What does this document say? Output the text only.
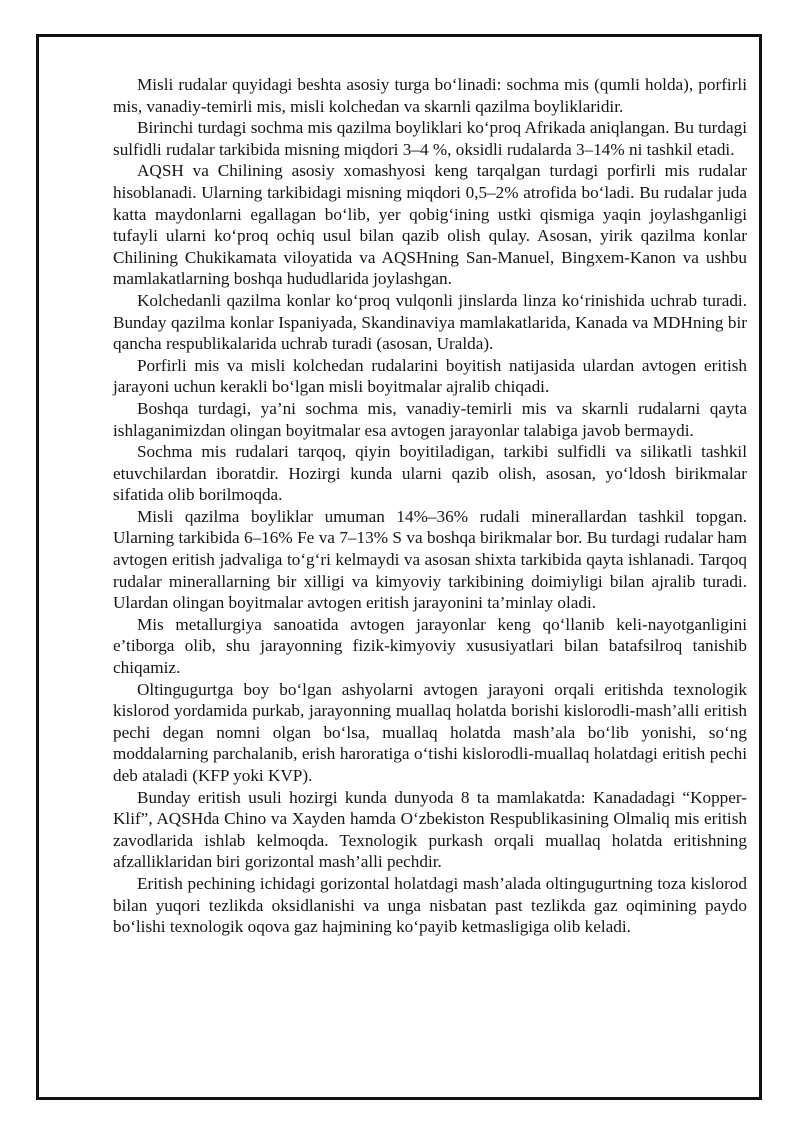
Misli rudalar quyidagi beshta asosiy turga bo‘linadi: sochma mis (qumli holda), porfirli mis, vanadiy-temirli mis, misli kolchedan va skarnli qazilma boyliklaridir.

Birinchi turdagi sochma mis qazilma boyliklari ko‘proq Afrikada aniqlangan. Bu turdagi sulfidli rudalar tarkibida misning miqdori 3–4 %, oksidli rudalarda 3–14% ni tashkil etadi.

AQSH va Chilining asosiy xomashyosi keng tarqalgan turdagi porfirli mis rudalar hisoblanadi. Ularning tarkibidagi misning miqdori 0,5–2% atrofida bo‘ladi. Bu rudalar juda katta maydonlarni egallagan bo‘lib, yer qobig‘ining ustki qismiga yaqin joylashganligi tufayli ularni ko‘proq ochiq usul bilan qazib olish qulay. Asosan, yirik qazilma konlar Chilining Chukikamata viloyatida va AQSHning San-Manuel, Bingxem-Kanon va ushbu mamlakatlarning boshqa hududlarida joylashgan.

Kolchedanli qazilma konlar ko‘proq vulqonli jinslarda linza ko‘rinishida uchrab turadi. Bunday qazilma konlar Ispaniyada, Skandinaviya mamlakatlarida, Kanada va MDHning bir qancha respublikalarida uchrab turadi (asosan, Uralda).

Porfirli mis va misli kolchedan rudalarini boyitish natijasida ulardan avtogen eritish jarayoni uchun kerakli bo‘lgan misli boyitmalar ajralib chiqadi.

Boshqa turdagi, ya’ni sochma mis, vanadiy-temirli mis va skarnli rudalarni qayta ishlaganimizdan olingan boyitmalar esa avtogen jarayonlar talabiga javob bermaydi.

Sochma mis rudalari tarqoq, qiyin boyitiladigan, tarkibi sulfidli va silikatli tashkil etuvchilardan iboratdir. Hozirgi kunda ularni qazib olish, asosan, yo‘ldosh birikmalar sifatida olib borilmoqda.

Misli qazilma boyliklar umuman 14%–36% rudali minerallardan tashkil topgan. Ularning tarkibida 6–16% Fe va 7–13% S va boshqa birikmalar bor. Bu turdagi rudalar ham avtogen eritish jadvaliga to‘g‘ri kelmaydi va asosan shixta tarkibida qayta ishlanadi. Tarqoq rudalar minerallarning bir xilligi va kimyoviy tarkibining doimiyligi bilan ajralib turadi. Ulardan olingan boyitmalar avtogen eritish jarayonini ta’minlay oladi.

Mis metallurgiya sanoatida avtogen jarayonlar keng qo‘llanib keli-nayotganligini e’tiborga olib, shu jarayonning fizik-kimyoviy xususiyatlari bilan batafsilroq tanishib chiqamiz.

Oltingugurtga boy bo‘lgan ashyolarni avtogen jarayoni orqali eritishda texnologik kislorod yordamida purkab, jarayonning muallaq holatda borishi kislorodli-mash’alli eritish pechi degan nomni olgan bo‘lsa, muallaq holatda mash’ala bo‘lib yonishi, so‘ng moddalarning parchalanib, erish haroratiga o‘tishi kislorodli-muallaq holatdagi eritish pechi deb ataladi (KFP yoki KVP).

Bunday eritish usuli hozirgi kunda dunyoda 8 ta mamlakatda: Kanadadagi “Kopper-Klif”, AQSHda Chino va Xayden hamda O‘zbekiston Respublikasining Olmaliq mis eritish zavodlarida ishlab kelmoqda. Texnologik purkash orqali muallaq holatda eritishning afzalliklaridan biri gorizontal mash’alli pechdir.

Eritish pechining ichidagi gorizontal holatdagi mash’alada oltingugurtning toza kislorod bilan yuqori tezlikda oksidlanishi va unga nisbatan past tezlikda gaz oqimining paydo bo‘lishi texnologik oqova gaz hajmining ko‘payib ketmasligiga olib keladi.
